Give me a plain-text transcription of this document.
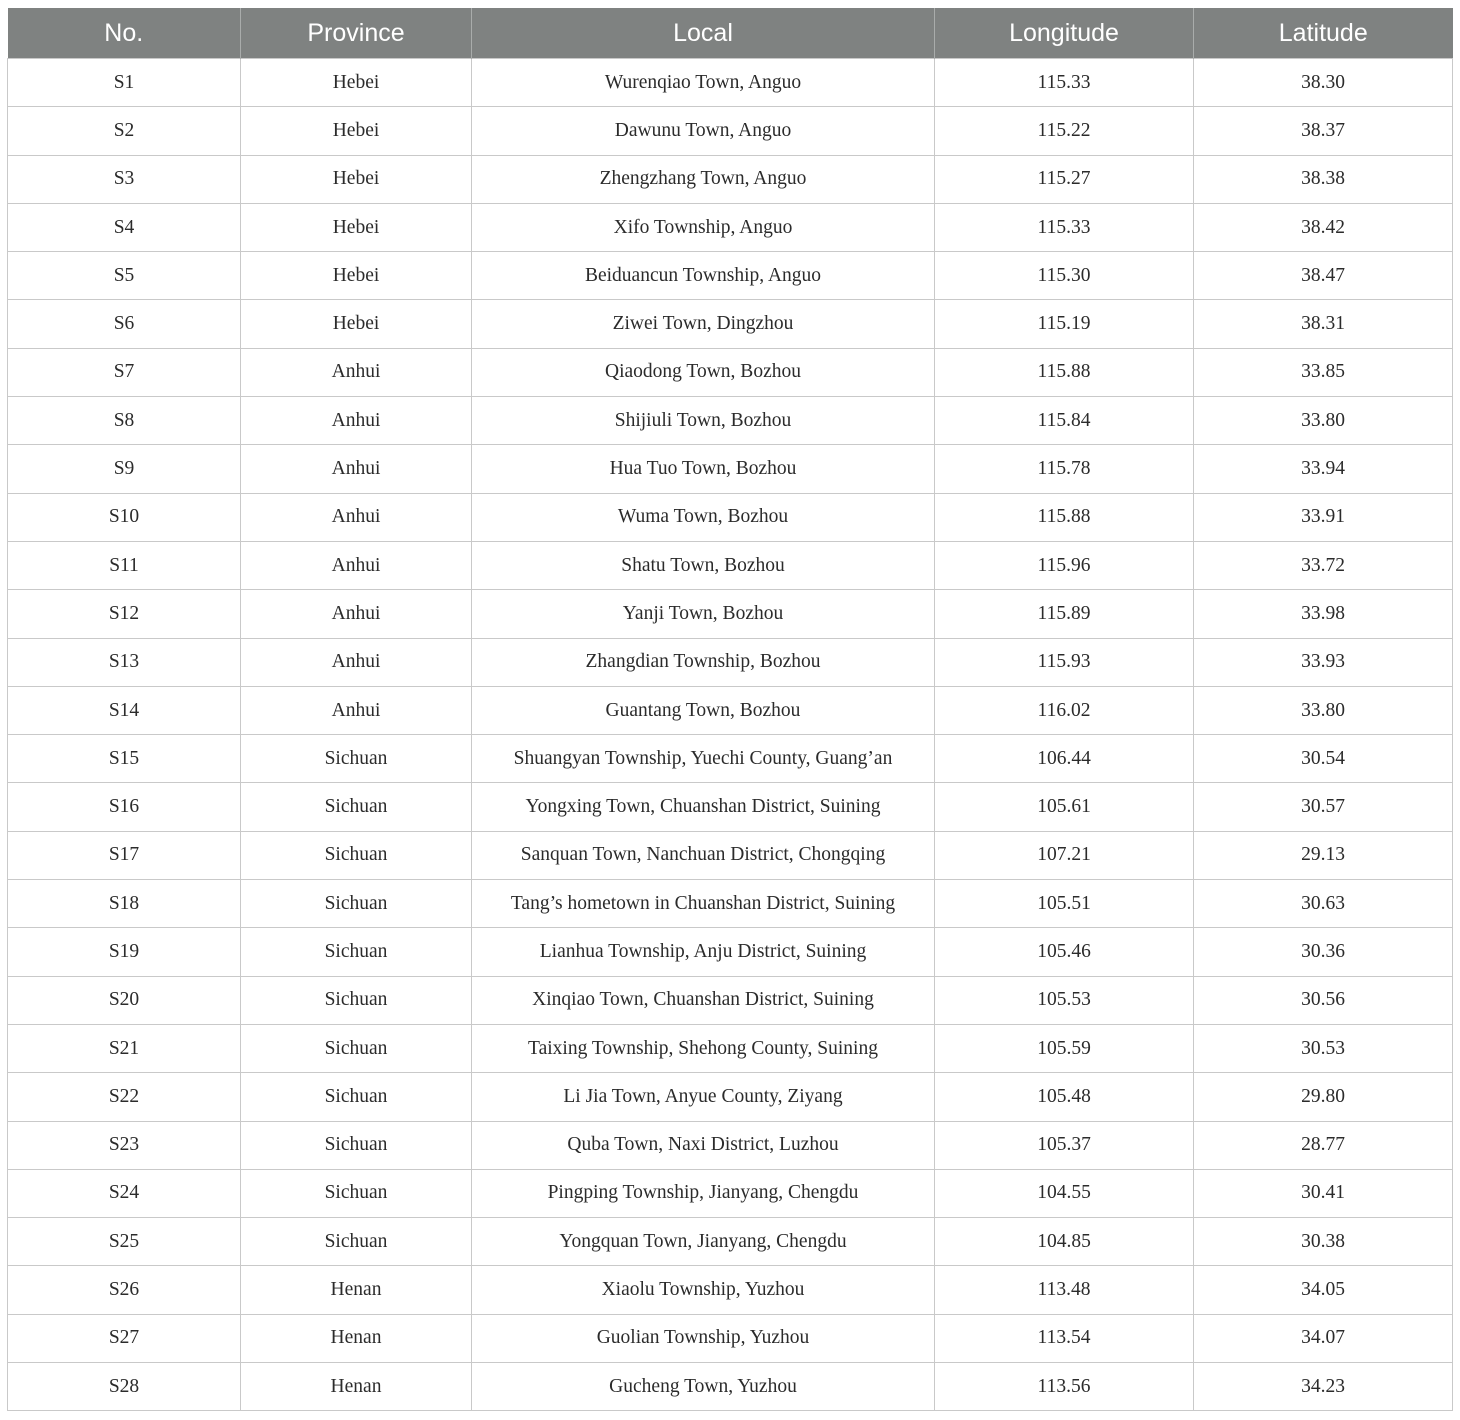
No.	Province	Local	Longitude	Latitude
S1	Hebei	Wurenqiao Town, Anguo	115.33	38.30
S2	Hebei	Dawunu Town, Anguo	115.22	38.37
S3	Hebei	Zhengzhang Town, Anguo	115.27	38.38
S4	Hebei	Xifo Township, Anguo	115.33	38.42
S5	Hebei	Beiduancun Township, Anguo	115.30	38.47
S6	Hebei	Ziwei Town, Dingzhou	115.19	38.31
S7	Anhui	Qiaodong Town, Bozhou	115.88	33.85
S8	Anhui	Shijiuli Town, Bozhou	115.84	33.80
S9	Anhui	Hua Tuo Town, Bozhou	115.78	33.94
S10	Anhui	Wuma Town, Bozhou	115.88	33.91
S11	Anhui	Shatu Town, Bozhou	115.96	33.72
S12	Anhui	Yanji Town, Bozhou	115.89	33.98
S13	Anhui	Zhangdian Township, Bozhou	115.93	33.93
S14	Anhui	Guantang Town, Bozhou	116.02	33.80
S15	Sichuan	Shuangyan Township, Yuechi County, Guang’an	106.44	30.54
S16	Sichuan	Yongxing Town, Chuanshan District, Suining	105.61	30.57
S17	Sichuan	Sanquan Town, Nanchuan District, Chongqing	107.21	29.13
S18	Sichuan	Tang’s hometown in Chuanshan District, Suining	105.51	30.63
S19	Sichuan	Lianhua Township, Anju District, Suining	105.46	30.36
S20	Sichuan	Xinqiao Town, Chuanshan District, Suining	105.53	30.56
S21	Sichuan	Taixing Township, Shehong County, Suining	105.59	30.53
S22	Sichuan	Li Jia Town, Anyue County, Ziyang	105.48	29.80
S23	Sichuan	Quba Town, Naxi District, Luzhou	105.37	28.77
S24	Sichuan	Pingping Township, Jianyang, Chengdu	104.55	30.41
S25	Sichuan	Yongquan Town, Jianyang, Chengdu	104.85	30.38
S26	Henan	Xiaolu Township, Yuzhou	113.48	34.05
S27	Henan	Guolian Township, Yuzhou	113.54	34.07
S28	Henan	Gucheng Town, Yuzhou	113.56	34.23
